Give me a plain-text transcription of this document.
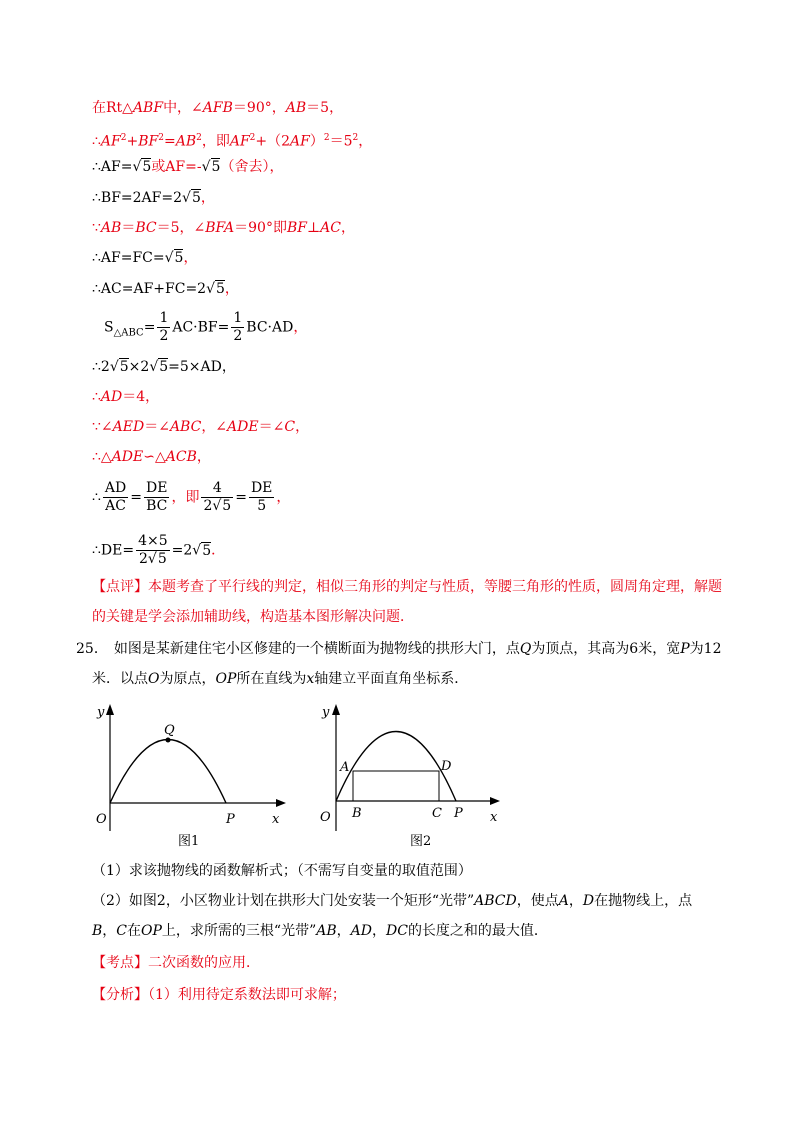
在Rt△ABF中，∠AFB＝90°，AB＝5，
$\therefore AF^2+BF^2=AB^2$，即$AF^2+(2AF)^2=5^2$，
∴AF=√5或AF=-√5（舍去），
∴BF=2AF=2√5，
∵AB＝BC＝5，∠BFA＝90°即BF⊥AC，
∴AF=FC=√5，
∴AC=AF+FC=2√5，
$S_{\triangle ABC}= \frac{1}{2} AC\cdot BF= \frac{1}{2} BC\cdot AD$，
∴2√5×2√5=5×AD，
∴AD＝4，
∵∠AED＝∠ABC，∠ADE＝∠C，
∴△ADE∽△ACB，
∴ $\frac{AD}{AC} = \frac{DE}{BC}$ ，即 $\frac{4}{2√5} = \frac{DE}{5}$ ，
∴DE= $\frac{4\times 5}{2√5} =2√5$．
【点评】本题考查了平行线的判定，相似三角形的判定与性质，等腰三角形的性质，圆周角定理，解题
的关键是学会添加辅助线，构造基本图形解决问题．
25． 如图是某新建住宅小区修建的一个横断面为抛物线的拱形大门，点Q为顶点，其高为6米，宽P为12
米．以点O为原点，OP所在直线为x轴建立平面直角坐标系．
y
x
O	P
Q
图1
y
x
O	P
A
B	C
D
图2
（1）求该抛物线的函数解析式；（不需写自变量的取值范围）
（2）如图2，小区物业计划在拱形大门处安装一个矩形“光带”ABCD，使点A，D在抛物线上，点
B，C在OP上，求所需的三根“光带”AB，AD，DC的长度之和的最大值．
【考点】二次函数的应用．
【分析】（1）利用待定系数法即可求解；
